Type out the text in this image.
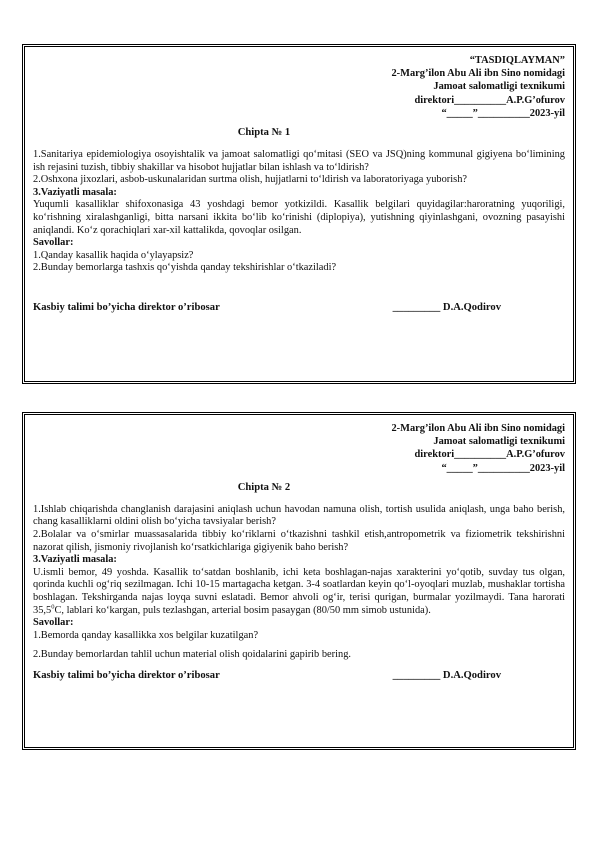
“TASDIQLAYMAN”
2-Marg’ilon Abu Ali ibn Sino nomidagi
Jamoat salomatligi texnikumi
direktori__________A.P.G’ofurov
“_____”__________2023-yil
Chipta № 1

1.Sanitariya epidemiologiya osoyishtalik va jamoat salomatligi qo‘mitasi (SEO va JSQ)ning kommunal gigiyena bo‘limining ish rejasini tuzish, tibbiy shakillar va hisobot hujjatlar bilan ishlash va to‘ldirish?

2.Oshxona jixozlari, asbob-uskunalaridan surtma olish, hujjatlarni to‘ldirish va laboratoriyaga yuborish?

3.Vaziyatli masala:

Yuqumli kasalliklar shifoxonasiga 43 yoshdagi bemor yotkizildi. Kasallik belgilari quyidagilar:haroratning yuqoriligi, ko‘rishning xiralashganligi, bitta narsani ikkita bo‘lib ko‘rinishi (diplopiya), yutishning qiyinlashgani, ovozning pasayishi aniqlandi. Ko‘z qorachiqlari xar-xil kattalikda, qovoqlar osilgan.

Savollar:

1.Qanday kasallik haqida o‘ylayapsiz?

2.Bunday bemorlarga tashxis qo‘yishda qanday tekshirishlar o‘tkaziladi?

Kasbiy talimi bo’yicha direktor o’ribosar	_________ D.A.Qodirov
2-Marg’ilon Abu Ali ibn Sino nomidagi
Jamoat salomatligi texnikumi
direktori__________A.P.G’ofurov
“_____”__________2023-yil
Chipta № 2

1.Ishlab chiqarishda changlanish darajasini aniqlash uchun havodan namuna olish, tortish usulida aniqlash, unga baho berish, chang kasalliklarni oldini olish bo‘yicha tavsiyalar berish?

2.Bolalar va o‘smirlar muassasalarida tibbiy ko‘riklarni o‘tkazishni tashkil etish,antropometrik va fiziometrik tekshirishni nazorat qilish, jismoniy rivojlanish ko‘rsatkichlariga gigiyenik baho berish?

3.Vaziyatli masala:

U.ismli bemor, 49 yoshda. Kasallik to‘satdan boshlanib, ichi keta boshlagan-najas xarakterini yo‘qotib, suvday tus olgan, qorinda kuchli og‘riq sezilmagan. Ichi 10-15 martagacha ketgan. 3-4 soatlardan keyin qo‘l-oyoqlari muzlab, mushaklar tortisha boshlagan. Tekshirganda najas loyqa suvni eslatadi. Bemor ahvoli og‘ir, terisi qurigan, burmalar yozilmaydi. Tana harorati 35,5$^0$C, lablari ko‘kargan, puls tezlashgan, arterial bosim pasaygan (80/50 mm simob ustunida).

Savollar:

1.Bemorda qanday kasallikka xos belgilar kuzatilgan?

2.Bunday bemorlardan tahlil uchun material olish qoidalarini gapirib bering.

Kasbiy talimi bo’yicha direktor o’ribosar	_________ D.A.Qodirov
